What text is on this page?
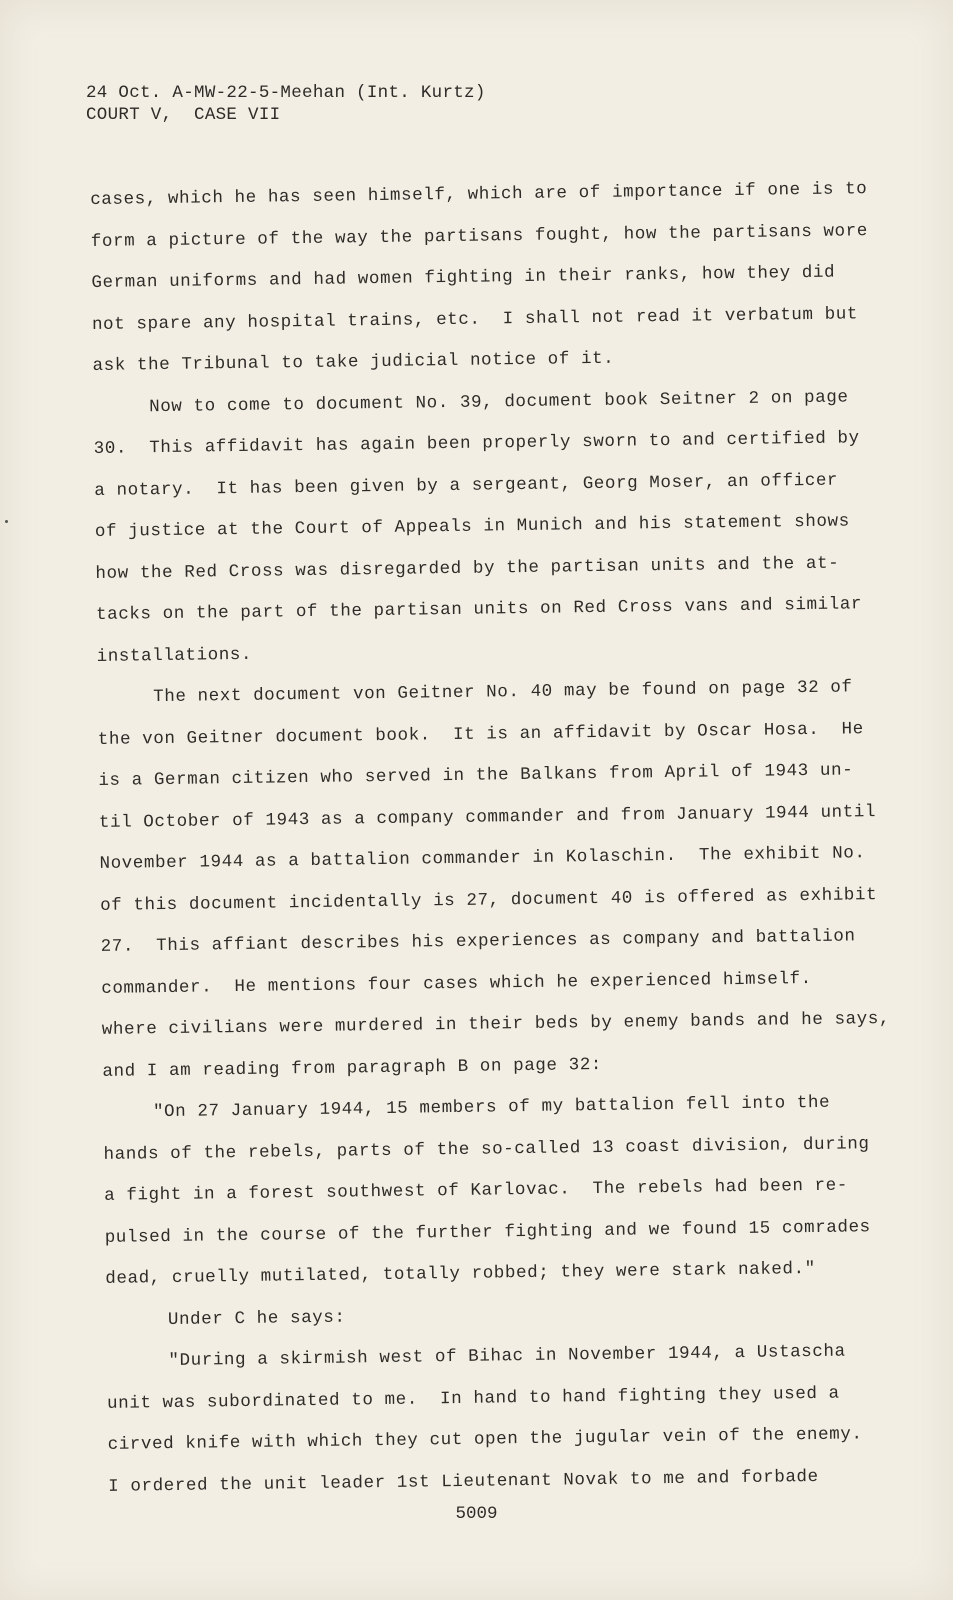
24 Oct. A-MW-22-5-Meehan (Int. Kurtz)
COURT V,  CASE VII

cases, which he has seen himself, which are of importance if one is to

form a picture of the way the partisans fought, how the partisans wore

German uniforms and had women fighting in their ranks, how they did

not spare any hospital trains, etc.  I shall not read it verbatum but

ask the Tribunal to take judicial notice of it.

Now to come to document No. 39, document book Seitner 2 on page

30.  This affidavit has again been properly sworn to and certified by

a notary.  It has been given by a sergeant, Georg Moser, an officer

of justice at the Court of Appeals in Munich and his statement shows

how the Red Cross was disregarded by the partisan units and the at-

tacks on the part of the partisan units on Red Cross vans and similar

installations.

The next document von Geitner No. 40 may be found on page 32 of

the von Geitner document book.  It is an affidavit by Oscar Hosa.  He

is a German citizen who served in the Balkans from April of 1943 un-

til October of 1943 as a company commander and from January 1944 until

November 1944 as a battalion commander in Kolaschin.  The exhibit No.

of this document incidentally is 27, document 40 is offered as exhibit

27.  This affiant describes his experiences as company and battalion

commander.  He mentions four cases which he experienced himself.

where civilians were murdered in their beds by enemy bands and he says,

and I am reading from paragraph B on page 32:

"On 27 January 1944, 15 members of my battalion fell into the

hands of the rebels, parts of the so-called 13 coast division, during

a fight in a forest southwest of Karlovac.  The rebels had been re-

pulsed in the course of the further fighting and we found 15 comrades

dead, cruelly mutilated, totally robbed; they were stark naked."

Under C he says:

"During a skirmish west of Bihac in November 1944, a Ustascha

unit was subordinated to me.  In hand to hand fighting they used a

cirved knife with which they cut open the jugular vein of the enemy.

I ordered the unit leader 1st Lieutenant Novak to me and forbade

5009
